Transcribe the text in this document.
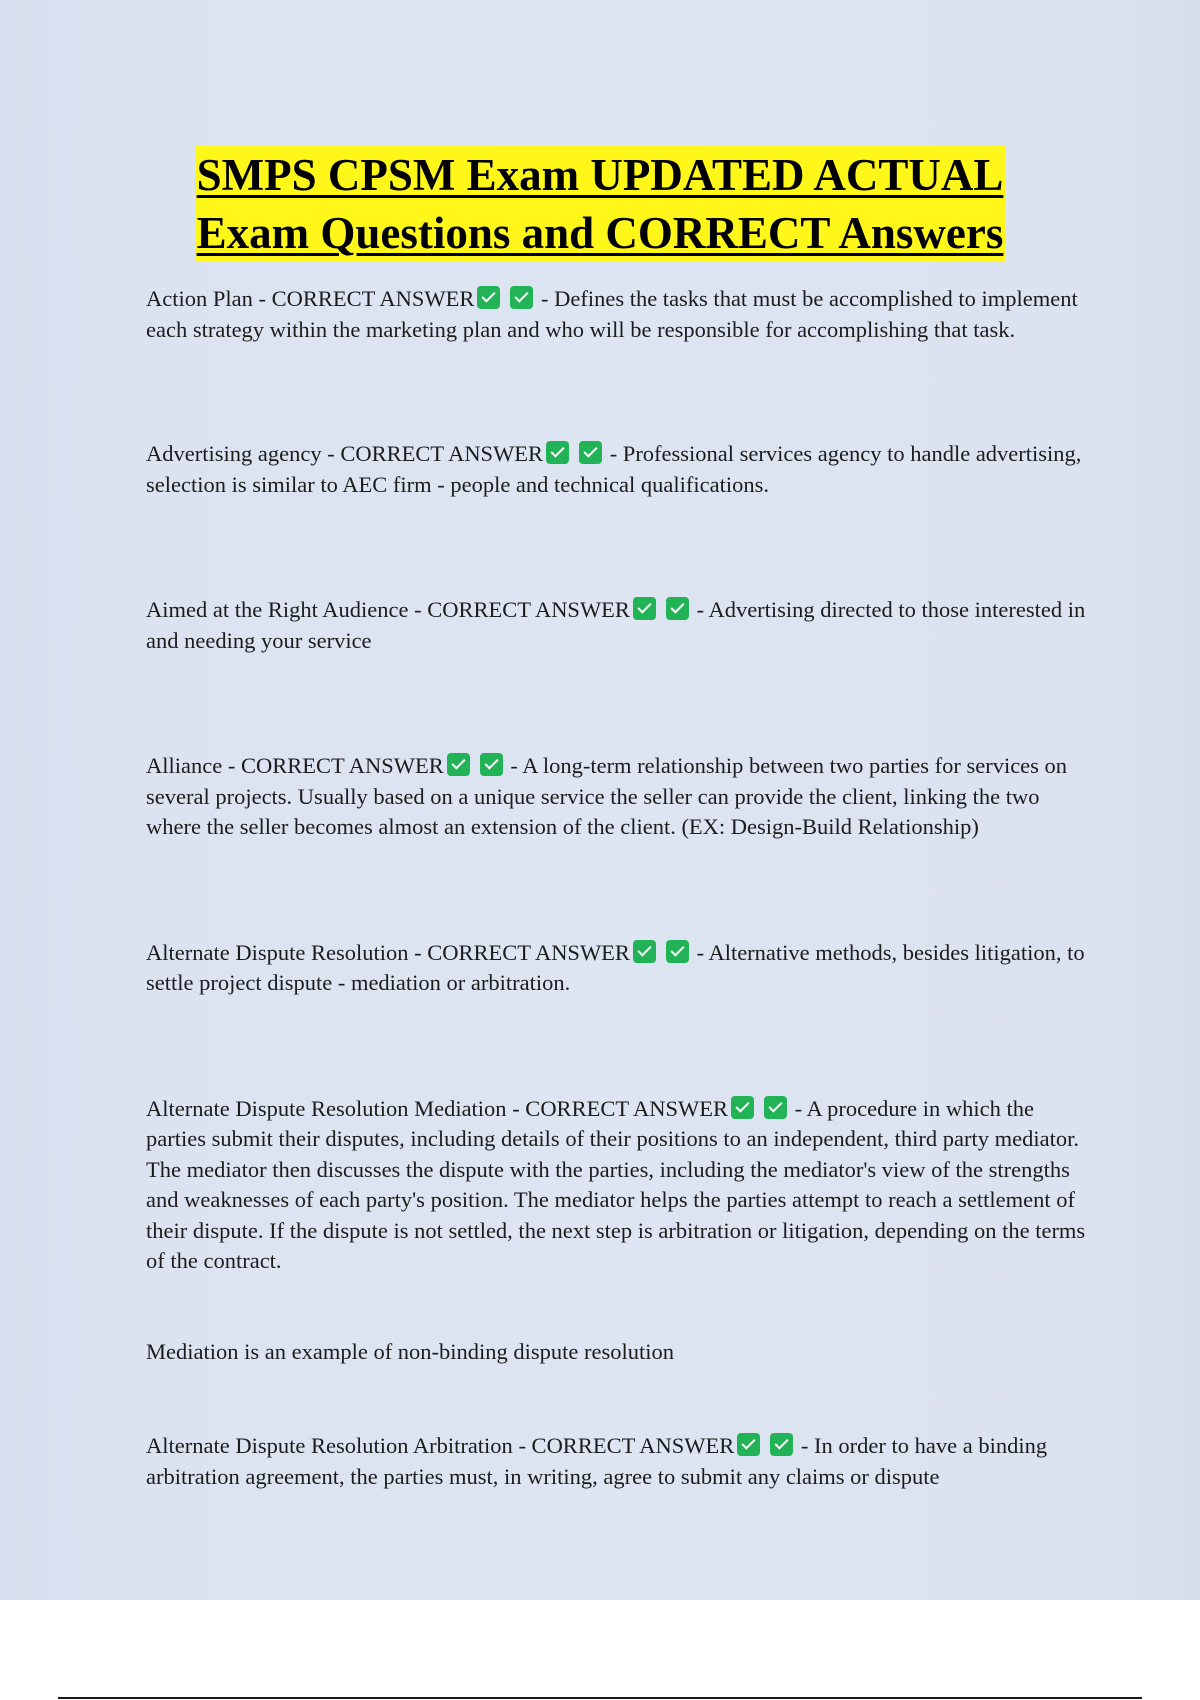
SMPS CPSM Exam UPDATED ACTUAL
Exam Questions and CORRECT Answers

Action Plan - CORRECT ANSWER	- Defines the tasks that must be accomplished to implement each strategy within the marketing plan and who will be responsible for accomplishing that task.

Advertising agency - CORRECT ANSWER	- Professional services agency to handle advertising, selection is similar to AEC firm - people and technical qualifications.

Aimed at the Right Audience - CORRECT ANSWER	- Advertising directed to those interested in and needing your service

Alliance - CORRECT ANSWER	- A long-term relationship between two parties for services on several projects. Usually based on a unique service the seller can provide the client, linking the two where the seller becomes almost an extension of the client. (EX: Design-Build Relationship)

Alternate Dispute Resolution - CORRECT ANSWER	- Alternative methods, besides litigation, to settle project dispute - mediation or arbitration.

Alternate Dispute Resolution Mediation - CORRECT ANSWER	- A procedure in which the parties submit their disputes, including details of their positions to an independent, third party mediator. The mediator then discusses the dispute with the parties, including the mediator's view of the strengths and weaknesses of each party's position. The mediator helps the parties attempt to reach a settlement of their dispute. If the dispute is not settled, the next step is arbitration or litigation, depending on the terms of the contract.

Mediation is an example of non-binding dispute resolution

Alternate Dispute Resolution Arbitration - CORRECT ANSWER	- In order to have a binding arbitration agreement, the parties must, in writing, agree to submit any claims or dispute
